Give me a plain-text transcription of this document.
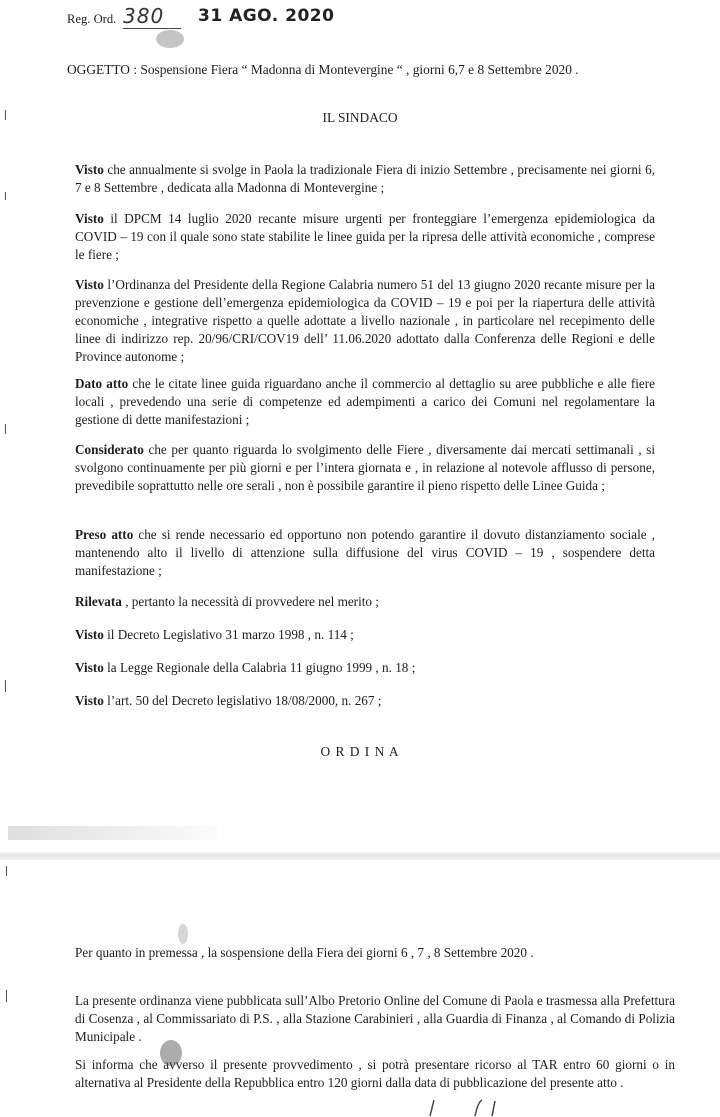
Reg. Ord. 380	31 AGO. 2020
OGGETTO : Sospensione Fiera “ Madonna di Montevergine “ , giorni 6,7 e 8 Settembre 2020 .
IL SINDACO
Visto che annualmente si svolge in Paola la tradizionale Fiera di inizio Settembre , precisamente nei giorni 6, 7 e 8 Settembre , dedicata alla Madonna di Montevergine ;
Visto il DPCM 14 luglio 2020 recante misure urgenti per fronteggiare l’emergenza epidemiologica da COVID – 19 con il quale sono state stabilite le linee guida per la ripresa delle attività economiche , comprese le fiere ;
Visto l’Ordinanza del Presidente della Regione Calabria numero 51 del 13 giugno 2020 recante misure per la prevenzione e gestione dell’emergenza epidemiologica da COVID – 19 e poi per la riapertura delle attività economiche , integrative rispetto a quelle adottate a livello nazionale , in particolare nel recepimento delle linee di indirizzo rep. 20/96/CRI/COV19 dell’ 11.06.2020 adottato dalla Conferenza delle Regioni e delle Province autonome ;
Dato atto che le citate linee guida riguardano anche il commercio al dettaglio su aree pubbliche e alle fiere locali , prevedendo una serie di competenze ed adempimenti a carico dei Comuni nel regolamentare la gestione di dette manifestazioni ;
Considerato che per quanto riguarda lo svolgimento delle Fiere , diversamente dai mercati settimanali , si svolgono continuamente per più giorni e per l’intera giornata e , in relazione al notevole afflusso di persone, prevedibile soprattutto nelle ore serali , non è possibile garantire il pieno rispetto delle Linee Guida ;
Preso atto che si rende necessario ed opportuno non potendo garantire il dovuto distanziamento sociale , mantenendo alto il livello di attenzione sulla diffusione del virus COVID – 19 , sospendere detta manifestazione ;
Rilevata , pertanto la necessità di provvedere nel merito ;
Visto il Decreto Legislativo 31 marzo 1998 , n. 114 ;
Visto la Legge Regionale della Calabria 11 giugno 1999 , n. 18 ;
Visto l’art. 50 del Decreto legislativo 18/08/2000, n. 267 ;
O R D I N A
Per quanto in premessa , la sospensione della Fiera dei giorni 6 , 7 , 8 Settembre 2020 .
La presente ordinanza viene pubblicata sull’Albo Pretorio Online del Comune di Paola e trasmessa alla Prefettura di Cosenza , al Commissariato di P.S. , alla Stazione Carabinieri , alla Guardia di Finanza , al Comando di Polizia Municipale .
Si informa che avverso il presente provvedimento , si potrà presentare ricorso al TAR entro 60 giorni o in alternativa al Presidente della Repubblica entro 120 giorni dalla data di pubblicazione del presente atto .
